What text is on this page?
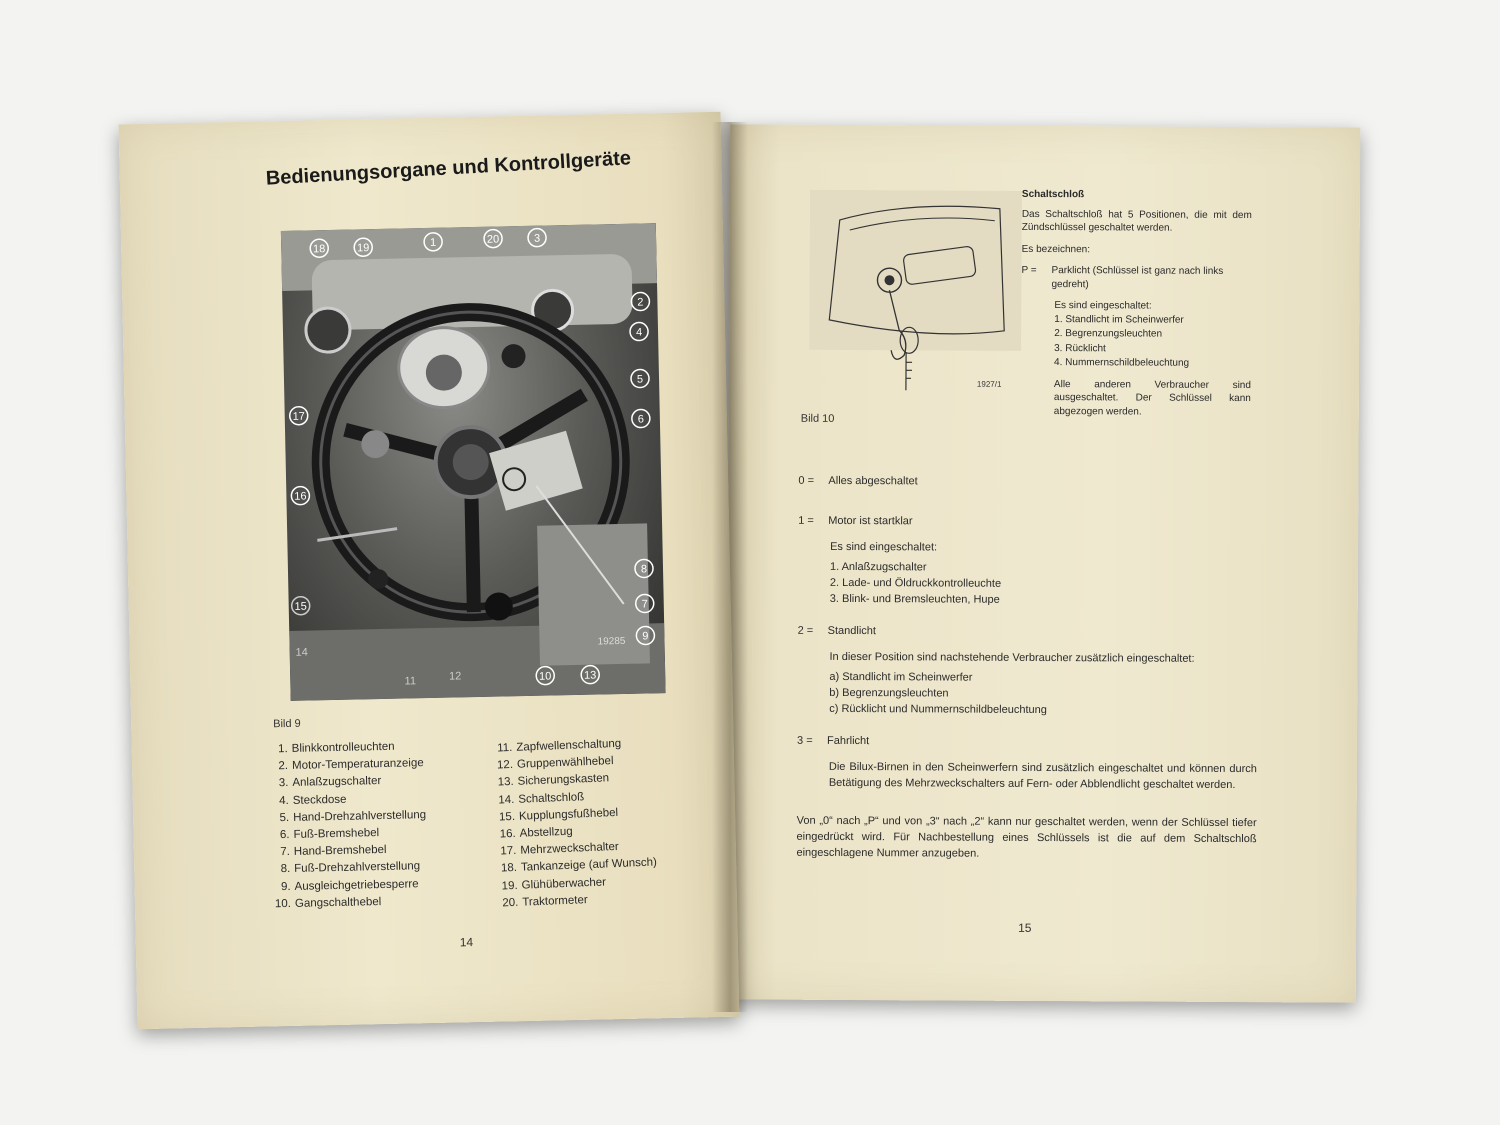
1927/1
Bild 10
Schaltschloß
Das Schaltschloß hat 5 Positionen, die mit dem Zündschlüssel geschaltet werden.
Es bezeichnen:
P =	Parklicht (Schlüssel ist ganz nach links gedreht)
Es sind eingeschaltet:
1. Standlicht im Scheinwerfer
2. Begrenzungsleuchten
3. Rücklicht
4. Nummernschildbeleuchtung
Alle anderen Verbraucher sind ausgeschaltet. Der Schlüssel kann abgezogen werden.
0 =	Alles abgeschaltet
1 =	Motor ist startklar
Es sind eingeschaltet:
1. Anlaßzugschalter
2. Lade- und Öldruckkontrolleuchte
3. Blink- und Bremsleuchten, Hupe
2 =	Standlicht
In dieser Position sind nachstehende Verbraucher zusätzlich eingeschaltet:
a) Standlicht im Scheinwerfer
b) Begrenzungsleuchten
c) Rücklicht und Nummernschildbeleuchtung
3 =	Fahrlicht
Die Bilux-Birnen in den Scheinwerfern sind zusätzlich eingeschaltet und können durch Betätigung des Mehrzweckschalters auf Fern- oder Abblendlicht geschaltet werden.
Von „0“ nach „P“ und von „3“ nach „2“ kann nur geschaltet werden, wenn der Schlüssel tiefer eingedrückt wird. Für Nachbestellung eines Schlüssels ist die auf dem Schaltschloß eingeschlagene Nummer anzugeben.
15
Bedienungsorgane und Kontrollgeräte
18	19	1	20	3
2
4
5
6
17
16
8
7
9
15
13
10
14
11	12
19285
Bild 9
1. Blinkkontrolleuchten
2. Motor-Temperaturanzeige
3. Anlaßzugschalter
4. Steckdose
5. Hand-Drehzahlverstellung
6. Fuß-Bremshebel
7. Hand-Bremshebel
8. Fuß-Drehzahlverstellung
9. Ausgleichgetriebesperre
10. Gangschalthebel
11. Zapfwellenschaltung
12. Gruppenwählhebel
13. Sicherungskasten
14. Schaltschloß
15. Kupplungsfußhebel
16. Abstellzug
17. Mehrzweckschalter
18. Tankanzeige (auf Wunsch)
19. Glühüberwacher
20. Traktormeter
14
